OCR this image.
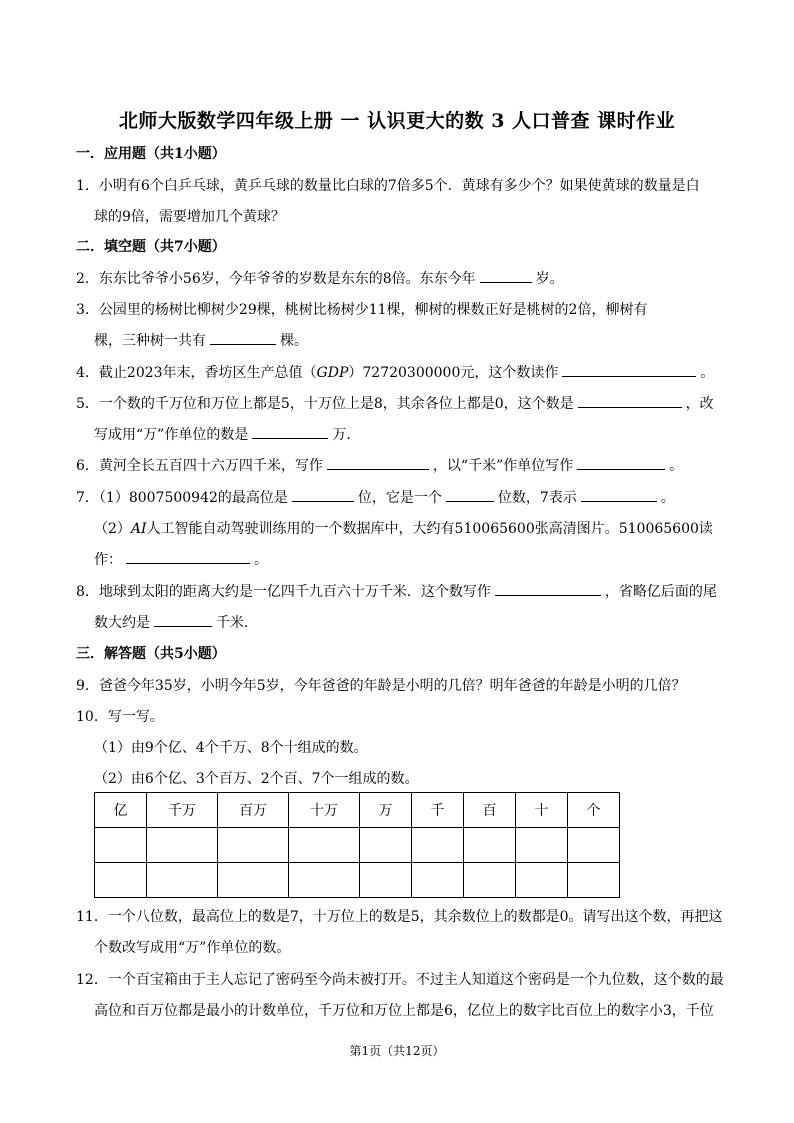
北师大版数学四年级上册 一 认识更大的数 3 人口普查 课时作业
一．应用题（共1小题）
1．小明有6个白乒乓球，黄乒乓球的数量比白球的7倍多5个．黄球有多少个？如果使黄球的数量是白
球的9倍，需要增加几个黄球？
二．填空题（共7小题）
2．东东比爷爷小56岁，今年爷爷的岁数是东东的8倍。东东今年	岁。
3．公园里的杨树比柳树少29棵，桃树比杨树少11棵，柳树的棵数正好是桃树的2倍，柳树有
棵，三种树一共有	棵。
4．截止2023年末，香坊区生产总值（GDP）72720300000元，这个数读作	。
5．一个数的千万位和万位上都是5，十万位上是8，其余各位上都是0，这个数是	，改
写成用“万”作单位的数是	万．
6．黄河全长五百四十六万四千米，写作	，以“千米”作单位写作	。
7．（1）8007500942的最高位是	位，它是一个	位数，7表示	。
（2）AI人工智能自动驾驶训练用的一个数据库中，大约有510065600张高清图片。510065600读
作：	。
8．地球到太阳的距离大约是一亿四千九百六十万千米．这个数写作	，省略亿后面的尾
数大约是	千米．
三．解答题（共5小题）
9．爸爸今年35岁，小明今年5岁，今年爸爸的年龄是小明的几倍？明年爸爸的年龄是小明的几倍？
10．写一写。
（1）由9个亿、4个千万、8个十组成的数。
（2）由6个亿、3个百万、2个百、7个一组成的数。
亿	千万	百万	十万	万	千	百	十	个

11．一个八位数，最高位上的数是7，十万位上的数是5，其余数位上的数都是0。请写出这个数，再把这
个数改写成用“万”作单位的数。
12．一个百宝箱由于主人忘记了密码至今尚未被打开。不过主人知道这个密码是一个九位数，这个数的最
高位和百万位都是最小的计数单位，千万位和万位上都是6，亿位上的数字比百位上的数字小3，千位
第1页（共12页）
